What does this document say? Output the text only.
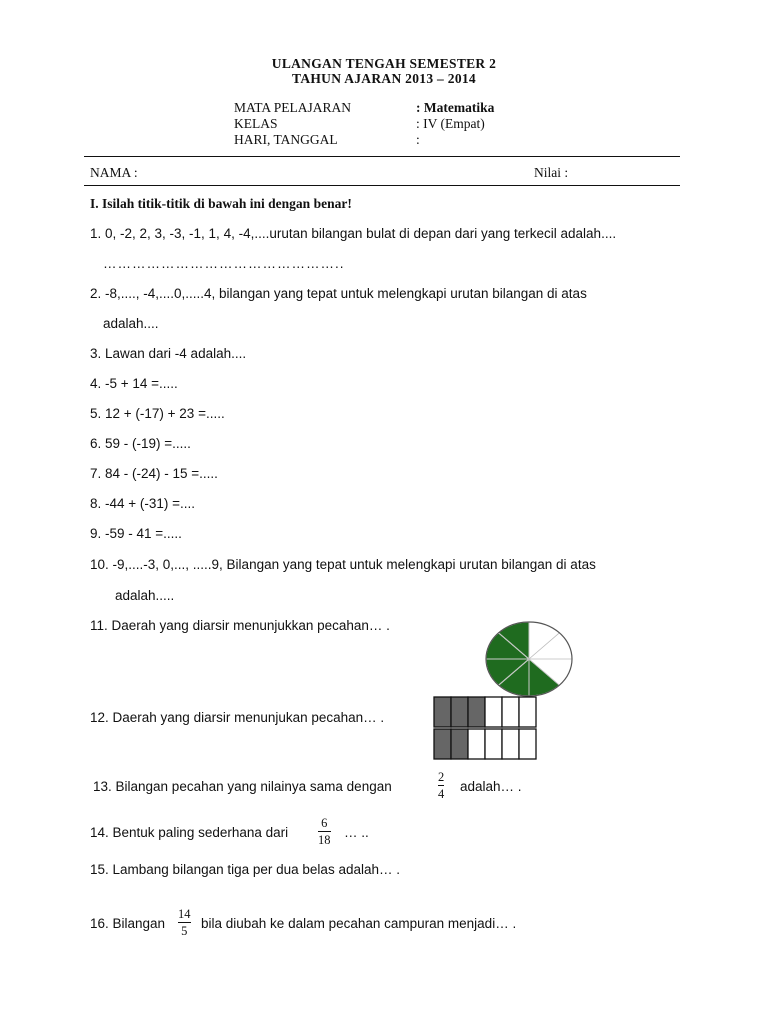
ULANGAN TENGAH SEMESTER 2
TAHUN AJARAN 2013 – 2014
MATA PELAJARAN	: Matematika
KELAS	: IV (Empat)
HARI, TANGGAL	:
NAMA :	Nilai :
I. Isilah titik-titik di bawah ini dengan benar!
1. 0, -2, 2, 3, -3, -1, 1, 4, -4,....urutan bilangan bulat di depan dari yang terkecil adalah....
…………………………………………..
2. -8,...., -4,....0,.....4, bilangan yang tepat untuk melengkapi urutan bilangan di atas
adalah....
3. Lawan dari -4 adalah....
4. -5 + 14 =.....
5. 12 + (-17) + 23 =.....
6. 59 - (-19) =.....
7. 84 - (-24) - 15 =.....
8. -44 + (-31) =....
9. -59 - 41 =.....
10. -9,....-3, 0,..., .....9, Bilangan yang tepat untuk melengkapi urutan bilangan di atas
adalah.....
11. Daerah yang diarsir menunjukkan pecahan… .
12. Daerah yang diarsir menunjukan pecahan… .
13. Bilangan pecahan yang nilainya sama dengan
2
4 adalah… .
14. Bentuk paling sederhana dari
6
18 … ..
15. Lambang bilangan tiga per dua belas adalah… .
16. Bilangan
14
5 bila diubah ke dalam pecahan campuran menjadi… .
